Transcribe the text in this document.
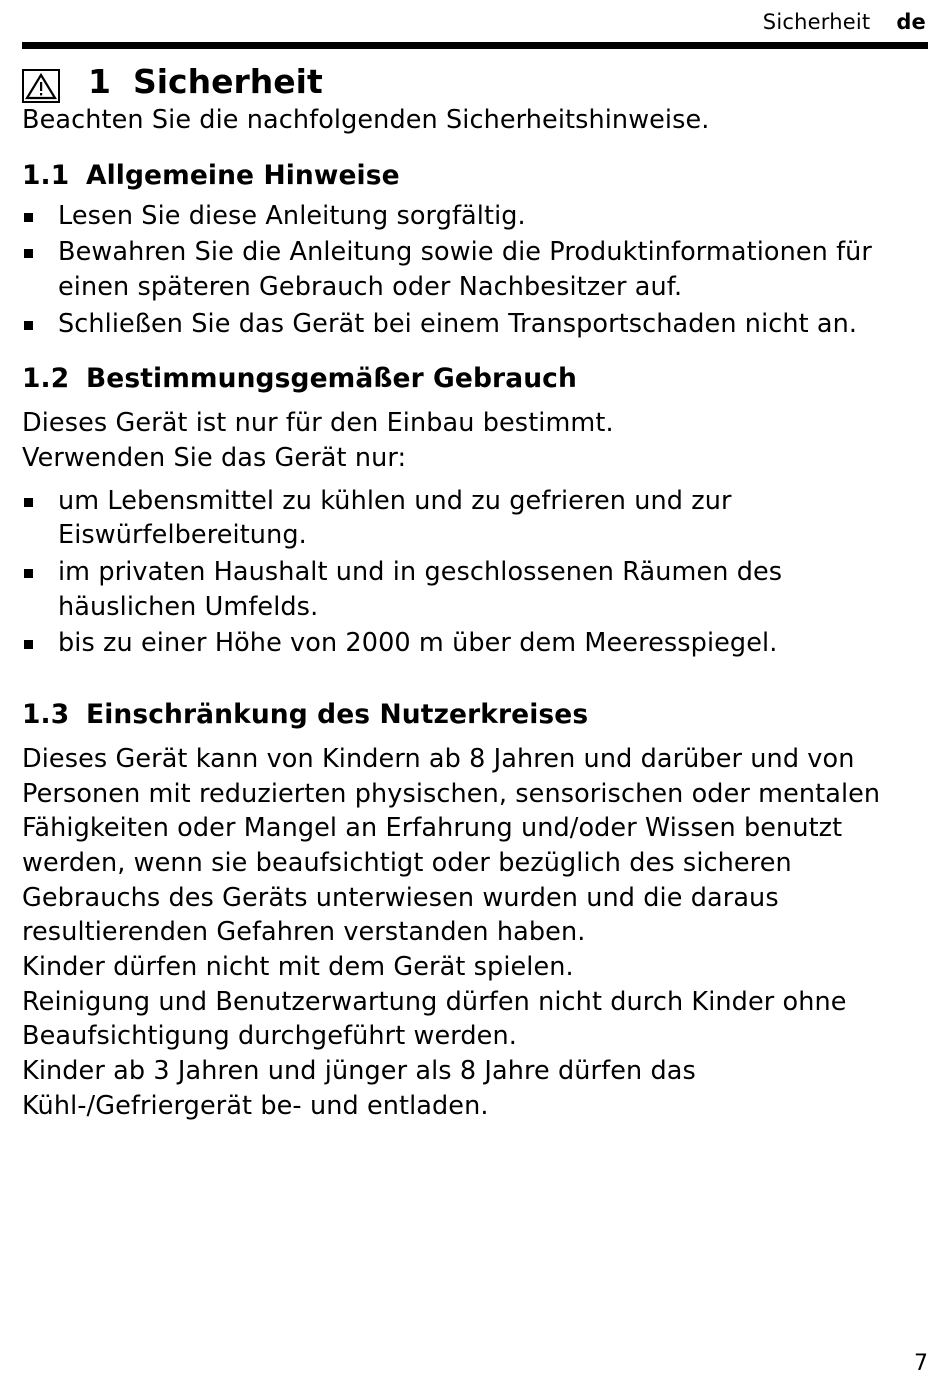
Sicherheit de
1 Sicherheit

Beachten Sie die nachfolgenden Sicherheitshinweise.

1.1 Allgemeine Hinweise
Lesen Sie diese Anleitung sorgfältig.
Bewahren Sie die Anleitung sowie die Produktinformationen für einen späteren Gebrauch oder Nachbesitzer auf.
Schließen Sie das Gerät bei einem Transportschaden nicht an.
1.2 Bestimmungsgemäßer Gebrauch

Dieses Gerät ist nur für den Einbau bestimmt.

Verwenden Sie das Gerät nur:

um Lebensmittel zu kühlen und zu gefrieren und zur Eiswürfelbereitung.
im privaten Haushalt und in geschlossenen Räumen des häuslichen Umfelds.
bis zu einer Höhe von 2000 m über dem Meeresspiegel.
1.3 Einschränkung des Nutzerkreises

Dieses Gerät kann von Kindern ab 8 Jahren und darüber und von Personen mit reduzierten physischen, sensorischen oder mentalen Fähigkeiten oder Mangel an Erfahrung und/oder Wissen benutzt werden, wenn sie beaufsichtigt oder bezüglich des sicheren Gebrauchs des Geräts unterwiesen wurden und die daraus resultierenden Gefahren verstanden haben.

Kinder dürfen nicht mit dem Gerät spielen.

Reinigung und Benutzerwartung dürfen nicht durch Kinder ohne Beaufsichtigung durchgeführt werden.

Kinder ab 3 Jahren und jünger als 8 Jahre dürfen das Kühl-/Gefriergerät be- und entladen.

7
